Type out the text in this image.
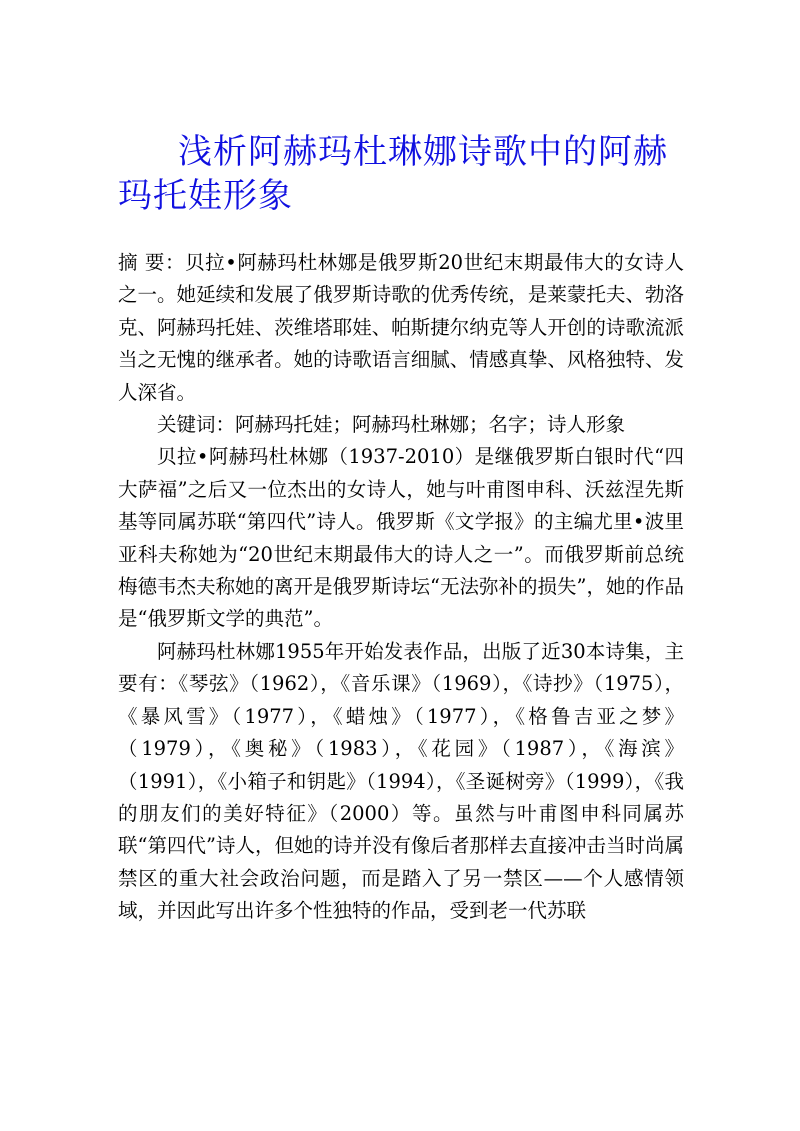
浅析阿赫玛杜琳娜诗歌中的阿赫玛托娃形象

摘 要：贝拉•阿赫玛杜林娜是俄罗斯20世纪末期最伟大的女诗人之一。她延续和发展了俄罗斯诗歌的优秀传统，是莱蒙托夫、勃洛克、阿赫玛托娃、茨维塔耶娃、帕斯捷尔纳克等人开创的诗歌流派当之无愧的继承者。她的诗歌语言细腻、情感真挚、风格独特、发人深省。

关键词：阿赫玛托娃；阿赫玛杜琳娜；名字；诗人形象

贝拉•阿赫玛杜林娜（1937-2010）是继俄罗斯白银时代“四大萨福”之后又一位杰出的女诗人，她与叶甫图申科、沃兹涅先斯基等同属苏联“第四代”诗人。俄罗斯《文学报》的主编尤里•波里亚科夫称她为“20世纪末期最伟大的诗人之一”。而俄罗斯前总统梅德韦杰夫称她的离开是俄罗斯诗坛“无法弥补的损失”，她的作品是“俄罗斯文学的典范”。

阿赫玛杜林娜1955年开始发表作品，出版了近30本诗集，主要有：《琴弦》（1962），《音乐课》（1969），《诗抄》（1975），《暴风雪》（1977），《蜡烛》（1977），《格鲁吉亚之梦》（1979），《奥秘》（1983），《花园》（1987），《海滨》（1991），《小箱子和钥匙》（1994），《圣诞树旁》（1999），《我的朋友们的美好特征》（2000）等。虽然与叶甫图申科同属苏联“第四代”诗人，但她的诗并没有像后者那样去直接冲击当时尚属禁区的重大社会政治问题，而是踏入了另一禁区——个人感情领域，并因此写出许多个性独特的作品，受到老一代苏联
